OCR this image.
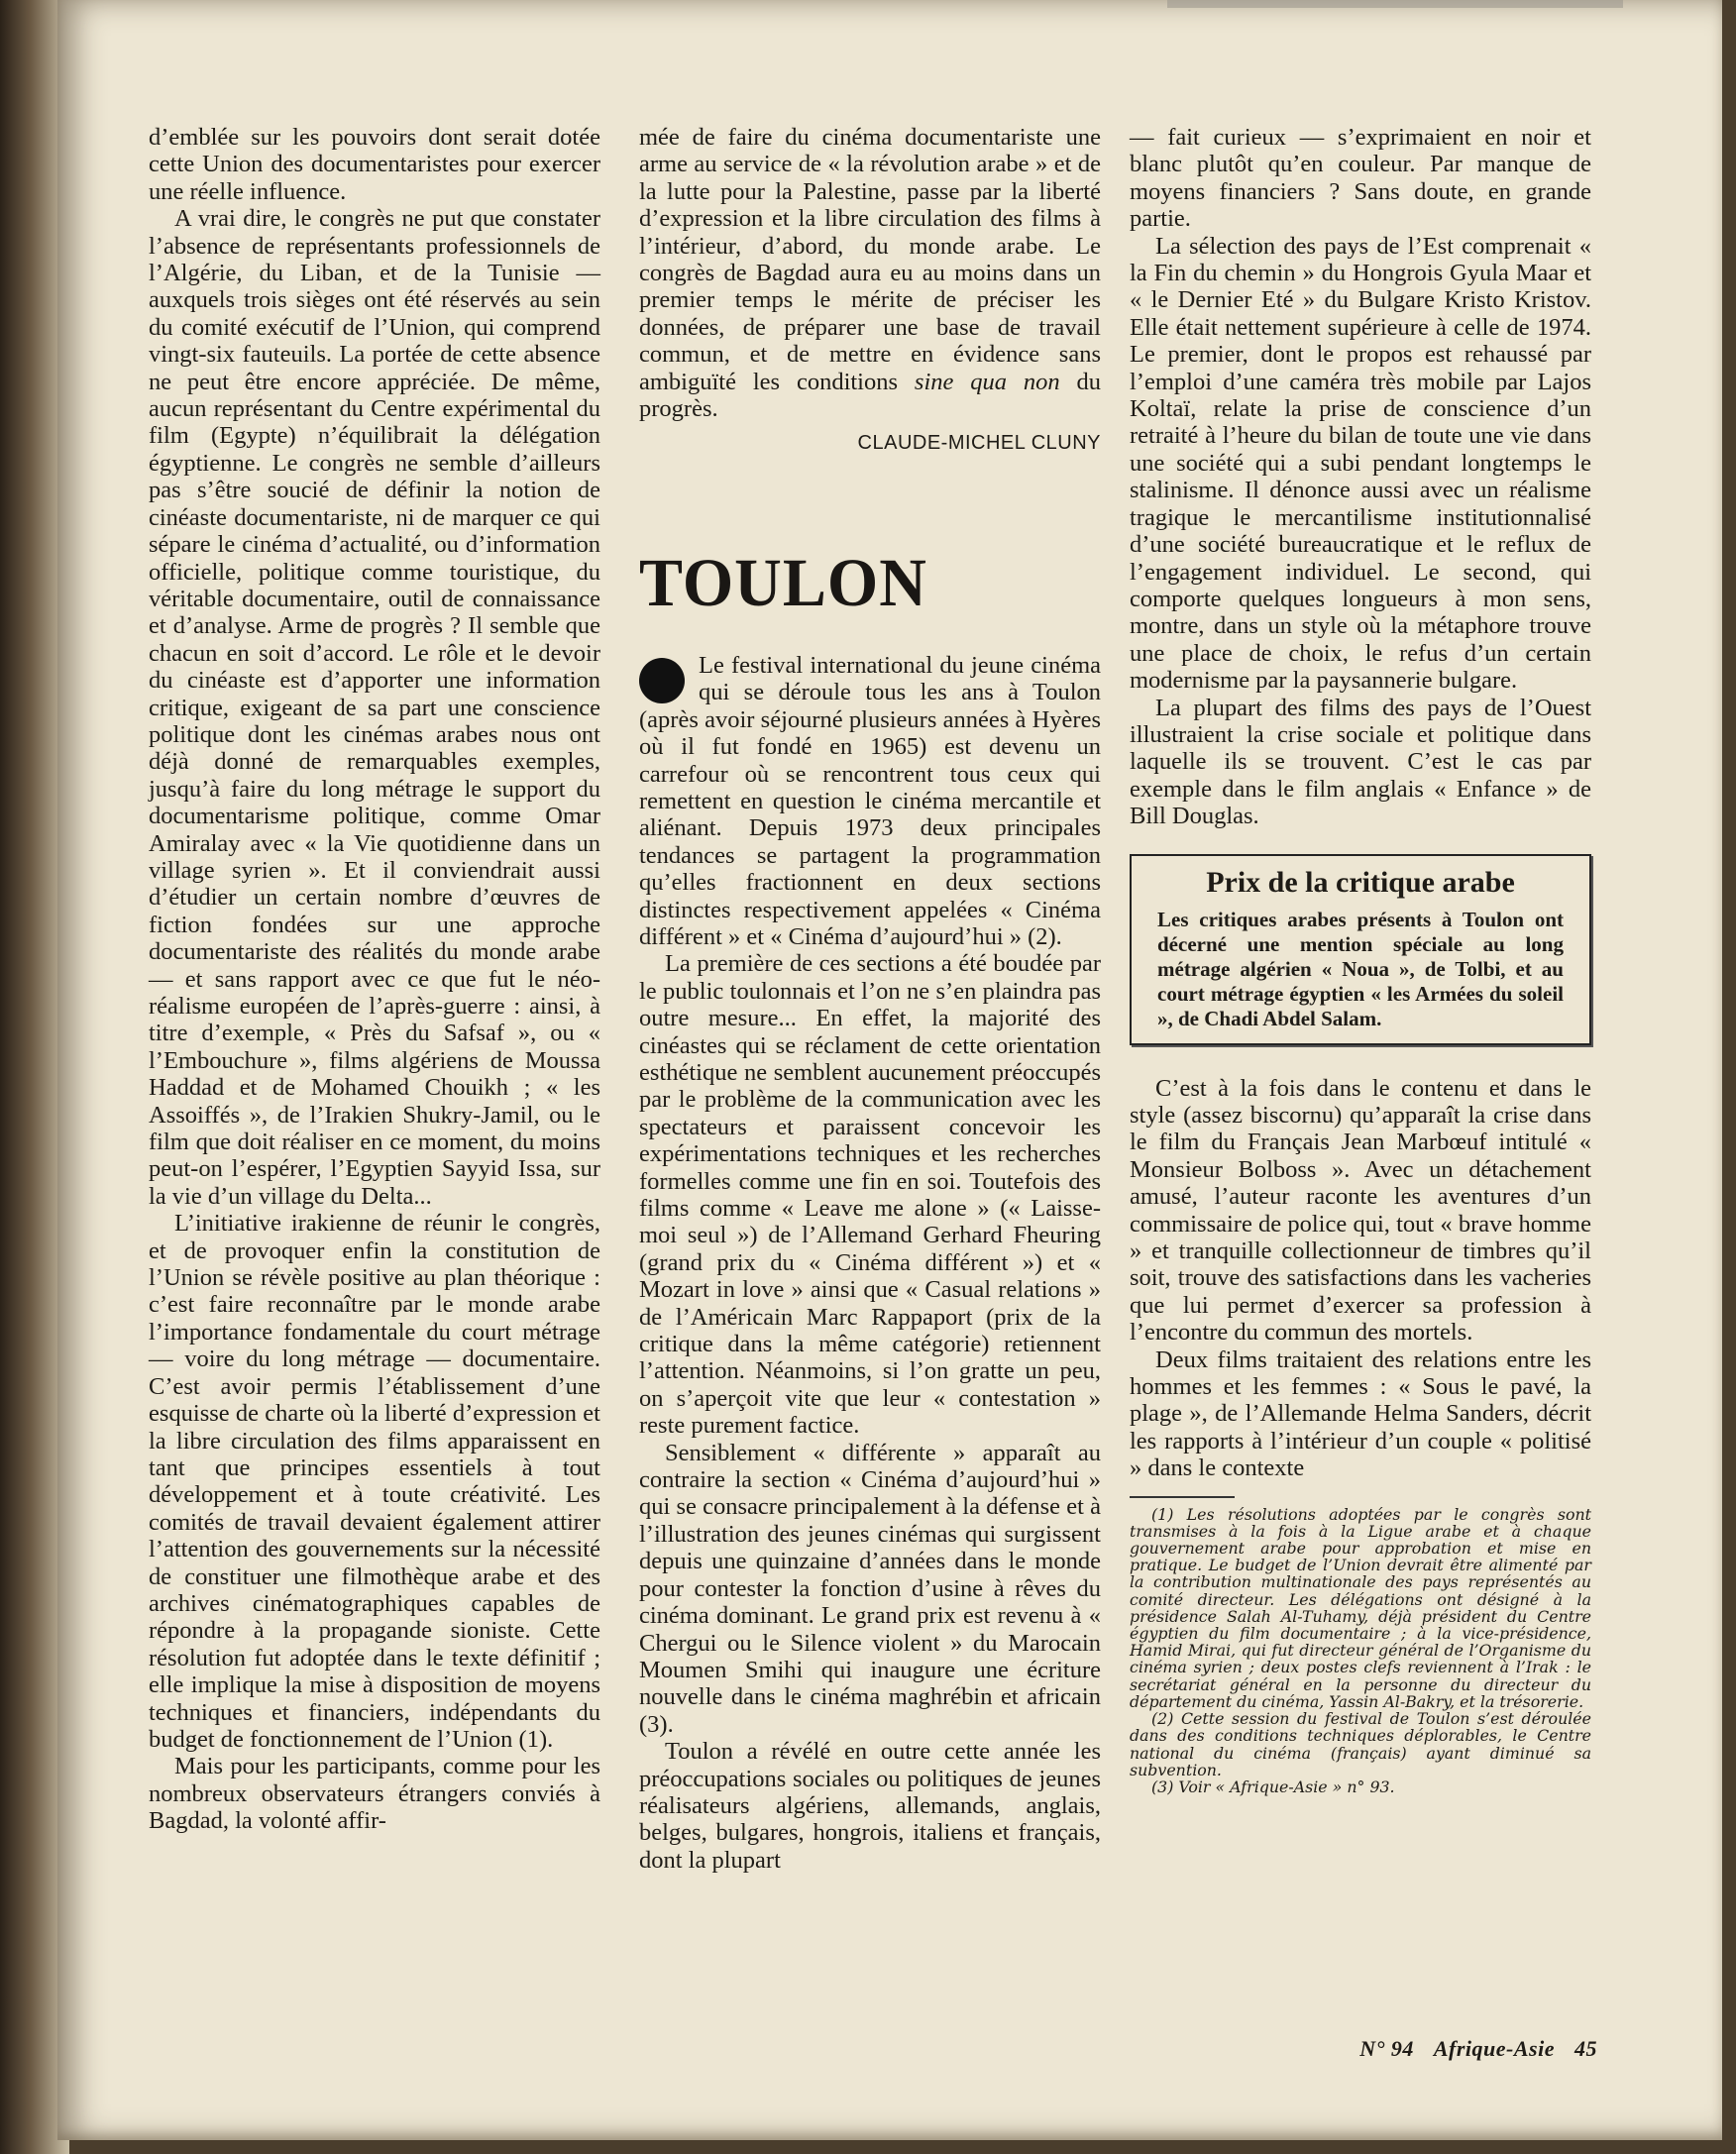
d’emblée sur les pouvoirs dont serait dotée cette Union des documentaristes pour exercer une réelle influence.

A vrai dire, le congrès ne put que constater l’absence de représentants professionnels de l’Algérie, du Liban, et de la Tunisie — auxquels trois sièges ont été réservés au sein du comité exécutif de l’Union, qui comprend vingt-six fauteuils. La portée de cette absence ne peut être encore appréciée. De même, aucun représentant du Centre expérimental du film (Egypte) n’équilibrait la délégation égyptienne. Le congrès ne semble d’ailleurs pas s’être soucié de définir la notion de cinéaste documentariste, ni de marquer ce qui sépare le cinéma d’actualité, ou d’information officielle, politique comme touristique, du véritable documentaire, outil de connaissance et d’analyse. Arme de progrès ? Il semble que chacun en soit d’accord. Le rôle et le devoir du cinéaste est d’apporter une information critique, exigeant de sa part une conscience politique dont les cinémas arabes nous ont déjà donné de remarquables exemples, jusqu’à faire du long métrage le support du documentarisme politique, comme Omar Amiralay avec « la Vie quotidienne dans un village syrien ». Et il conviendrait aussi d’étudier un certain nombre d’œuvres de fiction fondées sur une approche documentariste des réalités du monde arabe — et sans rapport avec ce que fut le néo-réalisme européen de l’après-guerre : ainsi, à titre d’exemple, « Près du Safsaf », ou « l’Embouchure », films algériens de Moussa Haddad et de Mohamed Chouikh ; « les Assoiffés », de l’Irakien Shukry-Jamil, ou le film que doit réaliser en ce moment, du moins peut-on l’espérer, l’Egyptien Sayyid Issa, sur la vie d’un village du Delta...

L’initiative irakienne de réunir le congrès, et de provoquer enfin la constitution de l’Union se révèle positive au plan théorique : c’est faire reconnaître par le monde arabe l’importance fondamentale du court métrage — voire du long métrage — documentaire. C’est avoir permis l’établissement d’une esquisse de charte où la liberté d’expression et la libre circulation des films apparaissent en tant que principes essentiels à tout développement et à toute créativité. Les comités de travail devaient également attirer l’attention des gouvernements sur la nécessité de constituer une filmothèque arabe et des archives cinématographiques capables de répondre à la propagande sioniste. Cette résolution fut adoptée dans le texte définitif ; elle implique la mise à disposition de moyens techniques et financiers, indépendants du budget de fonctionnement de l’Union (1).

Mais pour les participants, comme pour les nombreux observateurs étrangers conviés à Bagdad, la volonté affir-

mée de faire du cinéma documentariste une arme au service de « la révolution arabe » et de la lutte pour la Palestine, passe par la liberté d’expression et la libre circulation des films à l’intérieur, d’abord, du monde arabe. Le congrès de Bagdad aura eu au moins dans un premier temps le mérite de préciser les données, de préparer une base de travail commun, et de mettre en évidence sans ambiguïté les conditions sine qua non du progrès.

CLAUDE-MICHEL CLUNY
TOULON

Le festival international du jeune cinéma qui se déroule tous les ans à Toulon (après avoir séjourné plusieurs années à Hyères où il fut fondé en 1965) est devenu un carrefour où se rencontrent tous ceux qui remettent en question le cinéma mercantile et aliénant. Depuis 1973 deux principales tendances se partagent la programmation qu’elles fractionnent en deux sections distinctes respectivement appelées « Cinéma différent » et « Cinéma d’aujourd’hui » (2).

La première de ces sections a été boudée par le public toulonnais et l’on ne s’en plaindra pas outre mesure... En effet, la majorité des cinéastes qui se réclament de cette orientation esthétique ne semblent aucunement préoccupés par le problème de la communication avec les spectateurs et paraissent concevoir les expérimentations techniques et les recherches formelles comme une fin en soi. Toutefois des films comme « Leave me alone » (« Laisse-moi seul ») de l’Allemand Gerhard Fheuring (grand prix du « Cinéma différent ») et « Mozart in love » ainsi que « Casual relations » de l’Américain Marc Rappaport (prix de la critique dans la même catégorie) retiennent l’attention. Néanmoins, si l’on gratte un peu, on s’aperçoit vite que leur « contestation » reste purement factice.

Sensiblement « différente » apparaît au contraire la section « Cinéma d’aujourd’hui » qui se consacre principalement à la défense et à l’illustration des jeunes cinémas qui surgissent depuis une quinzaine d’années dans le monde pour contester la fonction d’usine à rêves du cinéma dominant. Le grand prix est revenu à « Chergui ou le Silence violent » du Marocain Moumen Smihi qui inaugure une écriture nouvelle dans le cinéma maghrébin et africain (3).

Toulon a révélé en outre cette année les préoccupations sociales ou politiques de jeunes réalisateurs algériens, allemands, anglais, belges, bulgares, hongrois, italiens et français, dont la plupart

— fait curieux — s’exprimaient en noir et blanc plutôt qu’en couleur. Par manque de moyens financiers ? Sans doute, en grande partie.

La sélection des pays de l’Est comprenait « la Fin du chemin » du Hongrois Gyula Maar et « le Dernier Eté » du Bulgare Kristo Kristov. Elle était nettement supérieure à celle de 1974. Le premier, dont le propos est rehaussé par l’emploi d’une caméra très mobile par Lajos Koltaï, relate la prise de conscience d’un retraité à l’heure du bilan de toute une vie dans une société qui a subi pendant longtemps le stalinisme. Il dénonce aussi avec un réalisme tragique le mercantilisme institutionnalisé d’une société bureaucratique et le reflux de l’engagement individuel. Le second, qui comporte quelques longueurs à mon sens, montre, dans un style où la métaphore trouve une place de choix, le refus d’un certain modernisme par la paysannerie bulgare.

La plupart des films des pays de l’Ouest illustraient la crise sociale et politique dans laquelle ils se trouvent. C’est le cas par exemple dans le film anglais « Enfance » de Bill Douglas.

Prix de la critique arabe

Les critiques arabes présents à Toulon ont décerné une mention spéciale au long métrage algérien « Noua », de Tolbi, et au court métrage égyptien « les Armées du soleil », de Chadi Abdel Salam.

C’est à la fois dans le contenu et dans le style (assez biscornu) qu’apparaît la crise dans le film du Français Jean Marbœuf intitulé « Monsieur Bolboss ». Avec un détachement amusé, l’auteur raconte les aventures d’un commissaire de police qui, tout « brave homme » et tranquille collectionneur de timbres qu’il soit, trouve des satisfactions dans les vacheries que lui permet d’exercer sa profession à l’encontre du commun des mortels.

Deux films traitaient des relations entre les hommes et les femmes : « Sous le pavé, la plage », de l’Allemande Helma Sanders, décrit les rapports à l’intérieur d’un couple « politisé » dans le contexte

(1) Les résolutions adoptées par le congrès sont transmises à la fois à la Ligue arabe et à chaque gouvernement arabe pour approbation et mise en pratique. Le budget de l’Union devrait être alimenté par la contribution multinationale des pays représentés au comité directeur. Les délégations ont désigné à la présidence Salah Al-Tuhamy, déjà président du Centre égyptien du film documentaire ; à la vice-présidence, Hamid Mirai, qui fut directeur général de l’Organisme du cinéma syrien ; deux postes clefs reviennent à l’Irak : le secrétariat général en la personne du directeur du département du cinéma, Yassin Al-Bakry, et la trésorerie.

(2) Cette session du festival de Toulon s’est déroulée dans des conditions techniques déplorables, le Centre national du cinéma (français) ayant diminué sa subvention.

(3) Voir « Afrique-Asie » n° 93.

N° 94 Afrique-Asie 45
